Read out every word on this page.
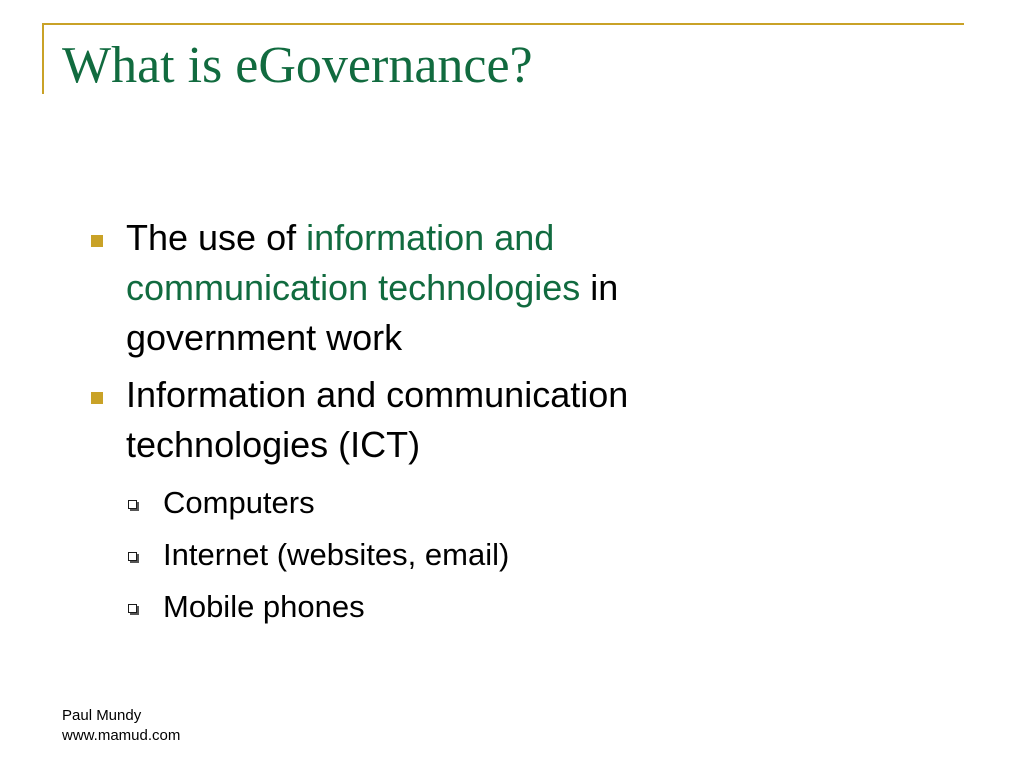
What is eGovernance?
The use of information and
communication technologies in
government work
Information and communication
technologies (ICT)
Computers
Internet (websites, email)
Mobile phones
Paul Mundy
www.mamud.com
